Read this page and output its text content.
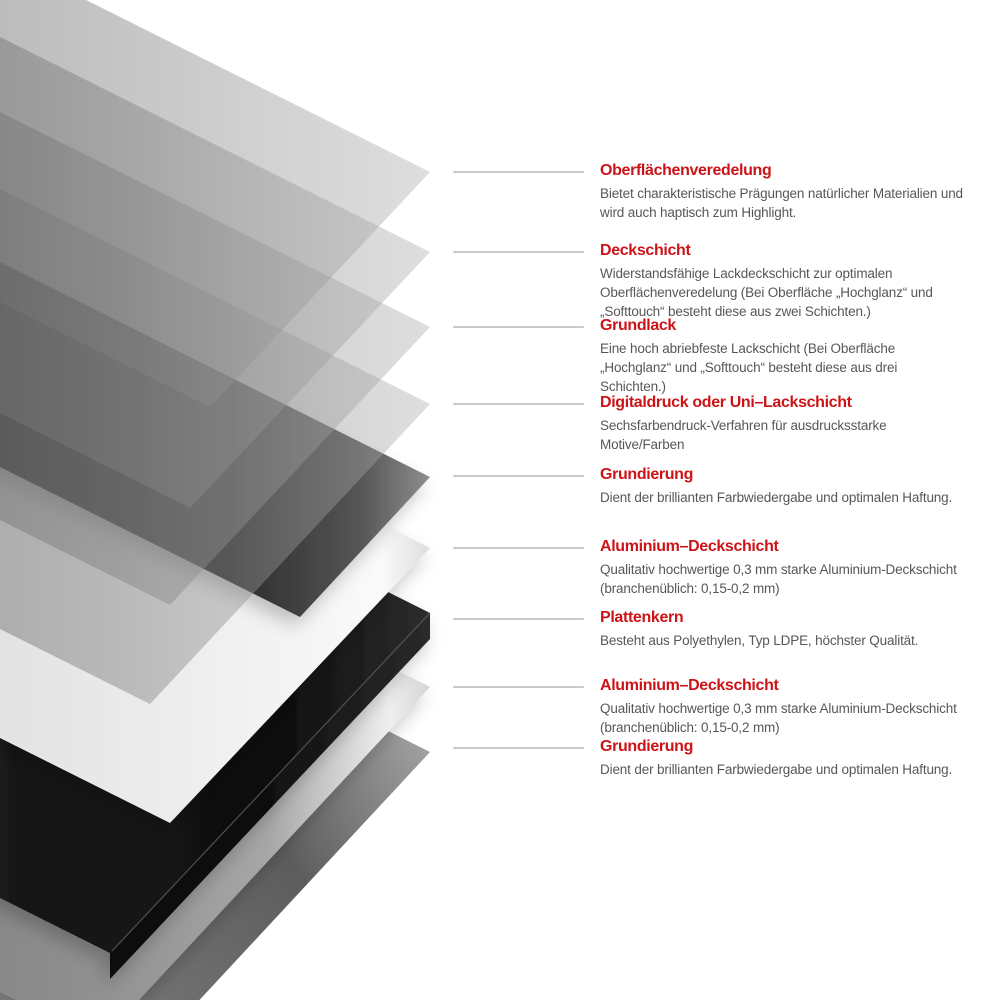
Oberflächenveredelung
Bietet charakteristische Prägungen natürlicher Materialien und wird auch haptisch zum Highlight.
Deckschicht
Widerstandsfähige Lackdeckschicht zur optimalen Oberflächenveredelung (Bei Oberfläche „Hochglanz“ und „Softtouch“ besteht diese aus zwei Schichten.)
Grundlack
Eine hoch abriebfeste Lackschicht (Bei Oberfläche „Hochglanz“ und „Softtouch“ besteht diese aus drei Schichten.)
Digitaldruck oder Uni–Lackschicht
Sechsfarbendruck-Verfahren für ausdrucksstarke Motive/Farben
Grundierung
Dient der brillianten Farbwiedergabe und optimalen Haftung.
Aluminium–Deckschicht
Qualitativ hochwertige 0,3 mm starke Aluminium-Deckschicht (branchenüblich: 0,15-0,2 mm)
Plattenkern
Besteht aus Polyethylen, Typ LDPE, höchster Qualität.
Aluminium–Deckschicht
Qualitativ hochwertige 0,3 mm starke Aluminium-Deckschicht (branchenüblich: 0,15-0,2 mm)
Grundierung
Dient der brillianten Farbwiedergabe und optimalen Haftung.
